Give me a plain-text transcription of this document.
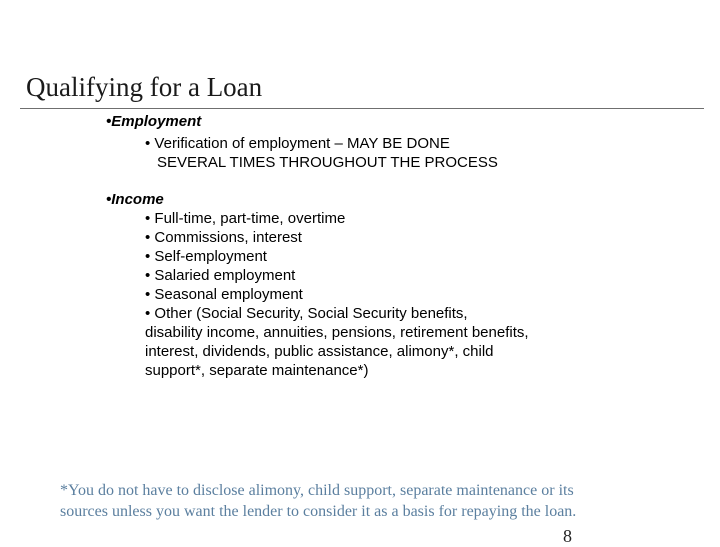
Qualifying for a Loan
•Employment
• Verification of employment – MAY BE DONE
SEVERAL TIMES THROUGHOUT THE PROCESS
•Income
• Full-time, part-time, overtime
• Commissions, interest
• Self-employment
• Salaried employment
• Seasonal employment
• Other (Social Security, Social Security benefits,
disability income, annuities, pensions, retirement benefits,
interest, dividends, public assistance, alimony*, child
support*, separate maintenance*)
*You do not have to disclose alimony, child support, separate maintenance or its
sources unless you want the lender to consider it as a basis for repaying the loan.
8
